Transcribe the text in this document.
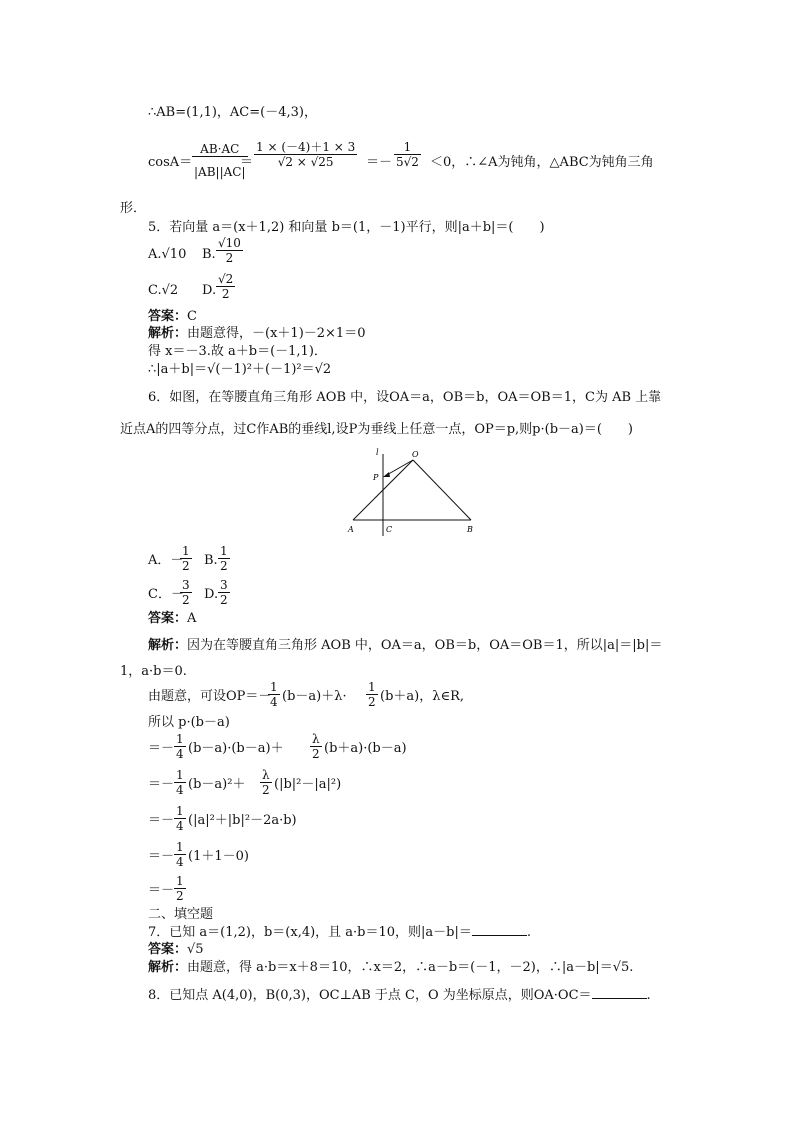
∴AB=(1,1)，AC=(－4,3)，
$\cos A= \frac{AB\cdot AC}{|AB||AC|}$
＝ $\frac{1 \times (-4)+1 \times 3}{√2 \times √25} =- \frac{1}{5√2} <0$，∴∠A为钝角，△ABC为钝角三角
形．
5．若向量 a＝(x＋1,2) 和向量 b＝(1，－1)平行，则|a＋b|＝(　　)
A.√10 B. $\frac{√10}{2}$
C.√2 D. $\frac{√2}{2}$
答案：C
解析：由题意得，－(x＋1)－2×1＝0
得 x＝－3.故 a＋b＝(－1,1)．
∴|a＋b|＝√(－1)²＋(－1)²＝√2
6．如图，在等腰直角三角形 AOB 中，设OA＝a，OB＝b，OA＝OB＝1，C为 AB 上靠
近点A的四等分点，过C作AB的垂线l,设P为垂线上任意一点，OP＝p,则p·(b－a)＝(　　)
l	O
P
A	C	B
A．－
$\frac{1}{2} B$. $\frac{1}{2}$
C．－
$\frac{3}{2} D$. $\frac{3}{2}$
答案：A
解析：因为在等腰直角三角形 AOB 中，OA＝a，OB＝b，OA＝OB＝1，所以|a|＝|b|＝
1，a·b＝0.
由题意，可设OP＝－
$\frac{1}{4} (b-a)+\lambda\cdot \frac{1}{2} (b+a)$，λ∈R,
所以 p·(b－a)
＝－ $\frac{1}{4} (b-a)\cdot(b-a)+ \frac{\lambda}{2} (b+a)\cdot(b-a)$
＝－ $\frac{1}{4} (b-a)^2+ \frac{\lambda}{2} (|b|^2-|a|^2)$
＝－ $\frac{1}{4} (|a|^2+|b|^2-2a\cdot b)$
＝－ $\frac{1}{4} (1+1-0)$
＝－ $\frac{1}{2}$
二、填空题
7．已知 a＝(1,2)，b＝(x,4)，且 a·b＝10，则|a－b|＝	.
答案：√5
解析：由题意，得 a·b＝x＋8＝10，∴x＝2，∴a－b＝(－1，－2)，∴|a－b|＝√5.
8．已知点 A(4,0)，B(0,3)，OC⊥AB 于点 C，O 为坐标原点，则OA·OC＝	.
